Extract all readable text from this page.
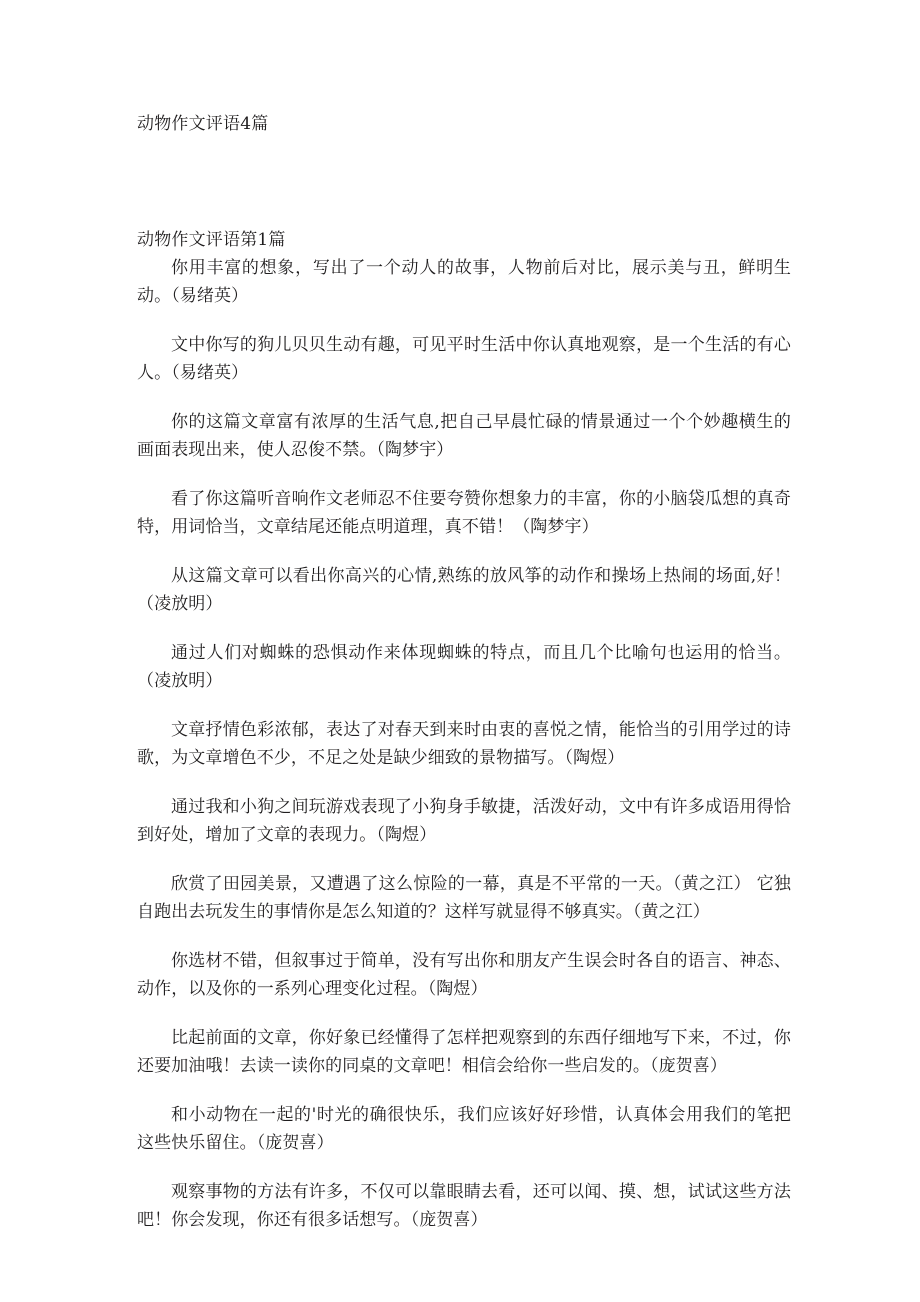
动物作文评语4篇
动物作文评语第1篇

你用丰富的想象，写出了一个动人的故事，人物前后对比，展示美与丑，鲜明生动。（易绪英）

文中你写的狗儿贝贝生动有趣，可见平时生活中你认真地观察，是一个生活的有心人。（易绪英）

你的这篇文章富有浓厚的生活气息,把自己早晨忙碌的情景通过一个个妙趣横生的画面表现出来，使人忍俊不禁。（陶梦宇）

看了你这篇听音响作文老师忍不住要夸赞你想象力的丰富，你的小脑袋瓜想的真奇特，用词恰当，文章结尾还能点明道理，真不错！（陶梦宇）

从这篇文章可以看出你高兴的心情,熟练的放风筝的动作和操场上热闹的场面,好！（凌放明）

通过人们对蜘蛛的恐惧动作来体现蜘蛛的特点，而且几个比喻句也运用的恰当。（凌放明）

文章抒情色彩浓郁，表达了对春天到来时由衷的喜悦之情，能恰当的引用学过的诗歌，为文章增色不少，不足之处是缺少细致的景物描写。（陶煜）

通过我和小狗之间玩游戏表现了小狗身手敏捷，活泼好动，文中有许多成语用得恰到好处，增加了文章的表现力。（陶煜）

欣赏了田园美景，又遭遇了这么惊险的一幕，真是不平常的一天。（黄之江） 它独自跑出去玩发生的事情你是怎么知道的？这样写就显得不够真实。（黄之江）

你选材不错，但叙事过于简单，没有写出你和朋友产生误会时各自的语言、神态、动作，以及你的一系列心理变化过程。（陶煜）

比起前面的文章，你好象已经懂得了怎样把观察到的东西仔细地写下来，不过，你还要加油哦！去读一读你的同桌的文章吧！相信会给你一些启发的。（庞贺喜）

和小动物在一起的'时光的确很快乐，我们应该好好珍惜，认真体会用我们的笔把这些快乐留住。（庞贺喜）

观察事物的方法有许多，不仅可以靠眼睛去看，还可以闻、摸、想，试试这些方法吧！你会发现，你还有很多话想写。（庞贺喜）
